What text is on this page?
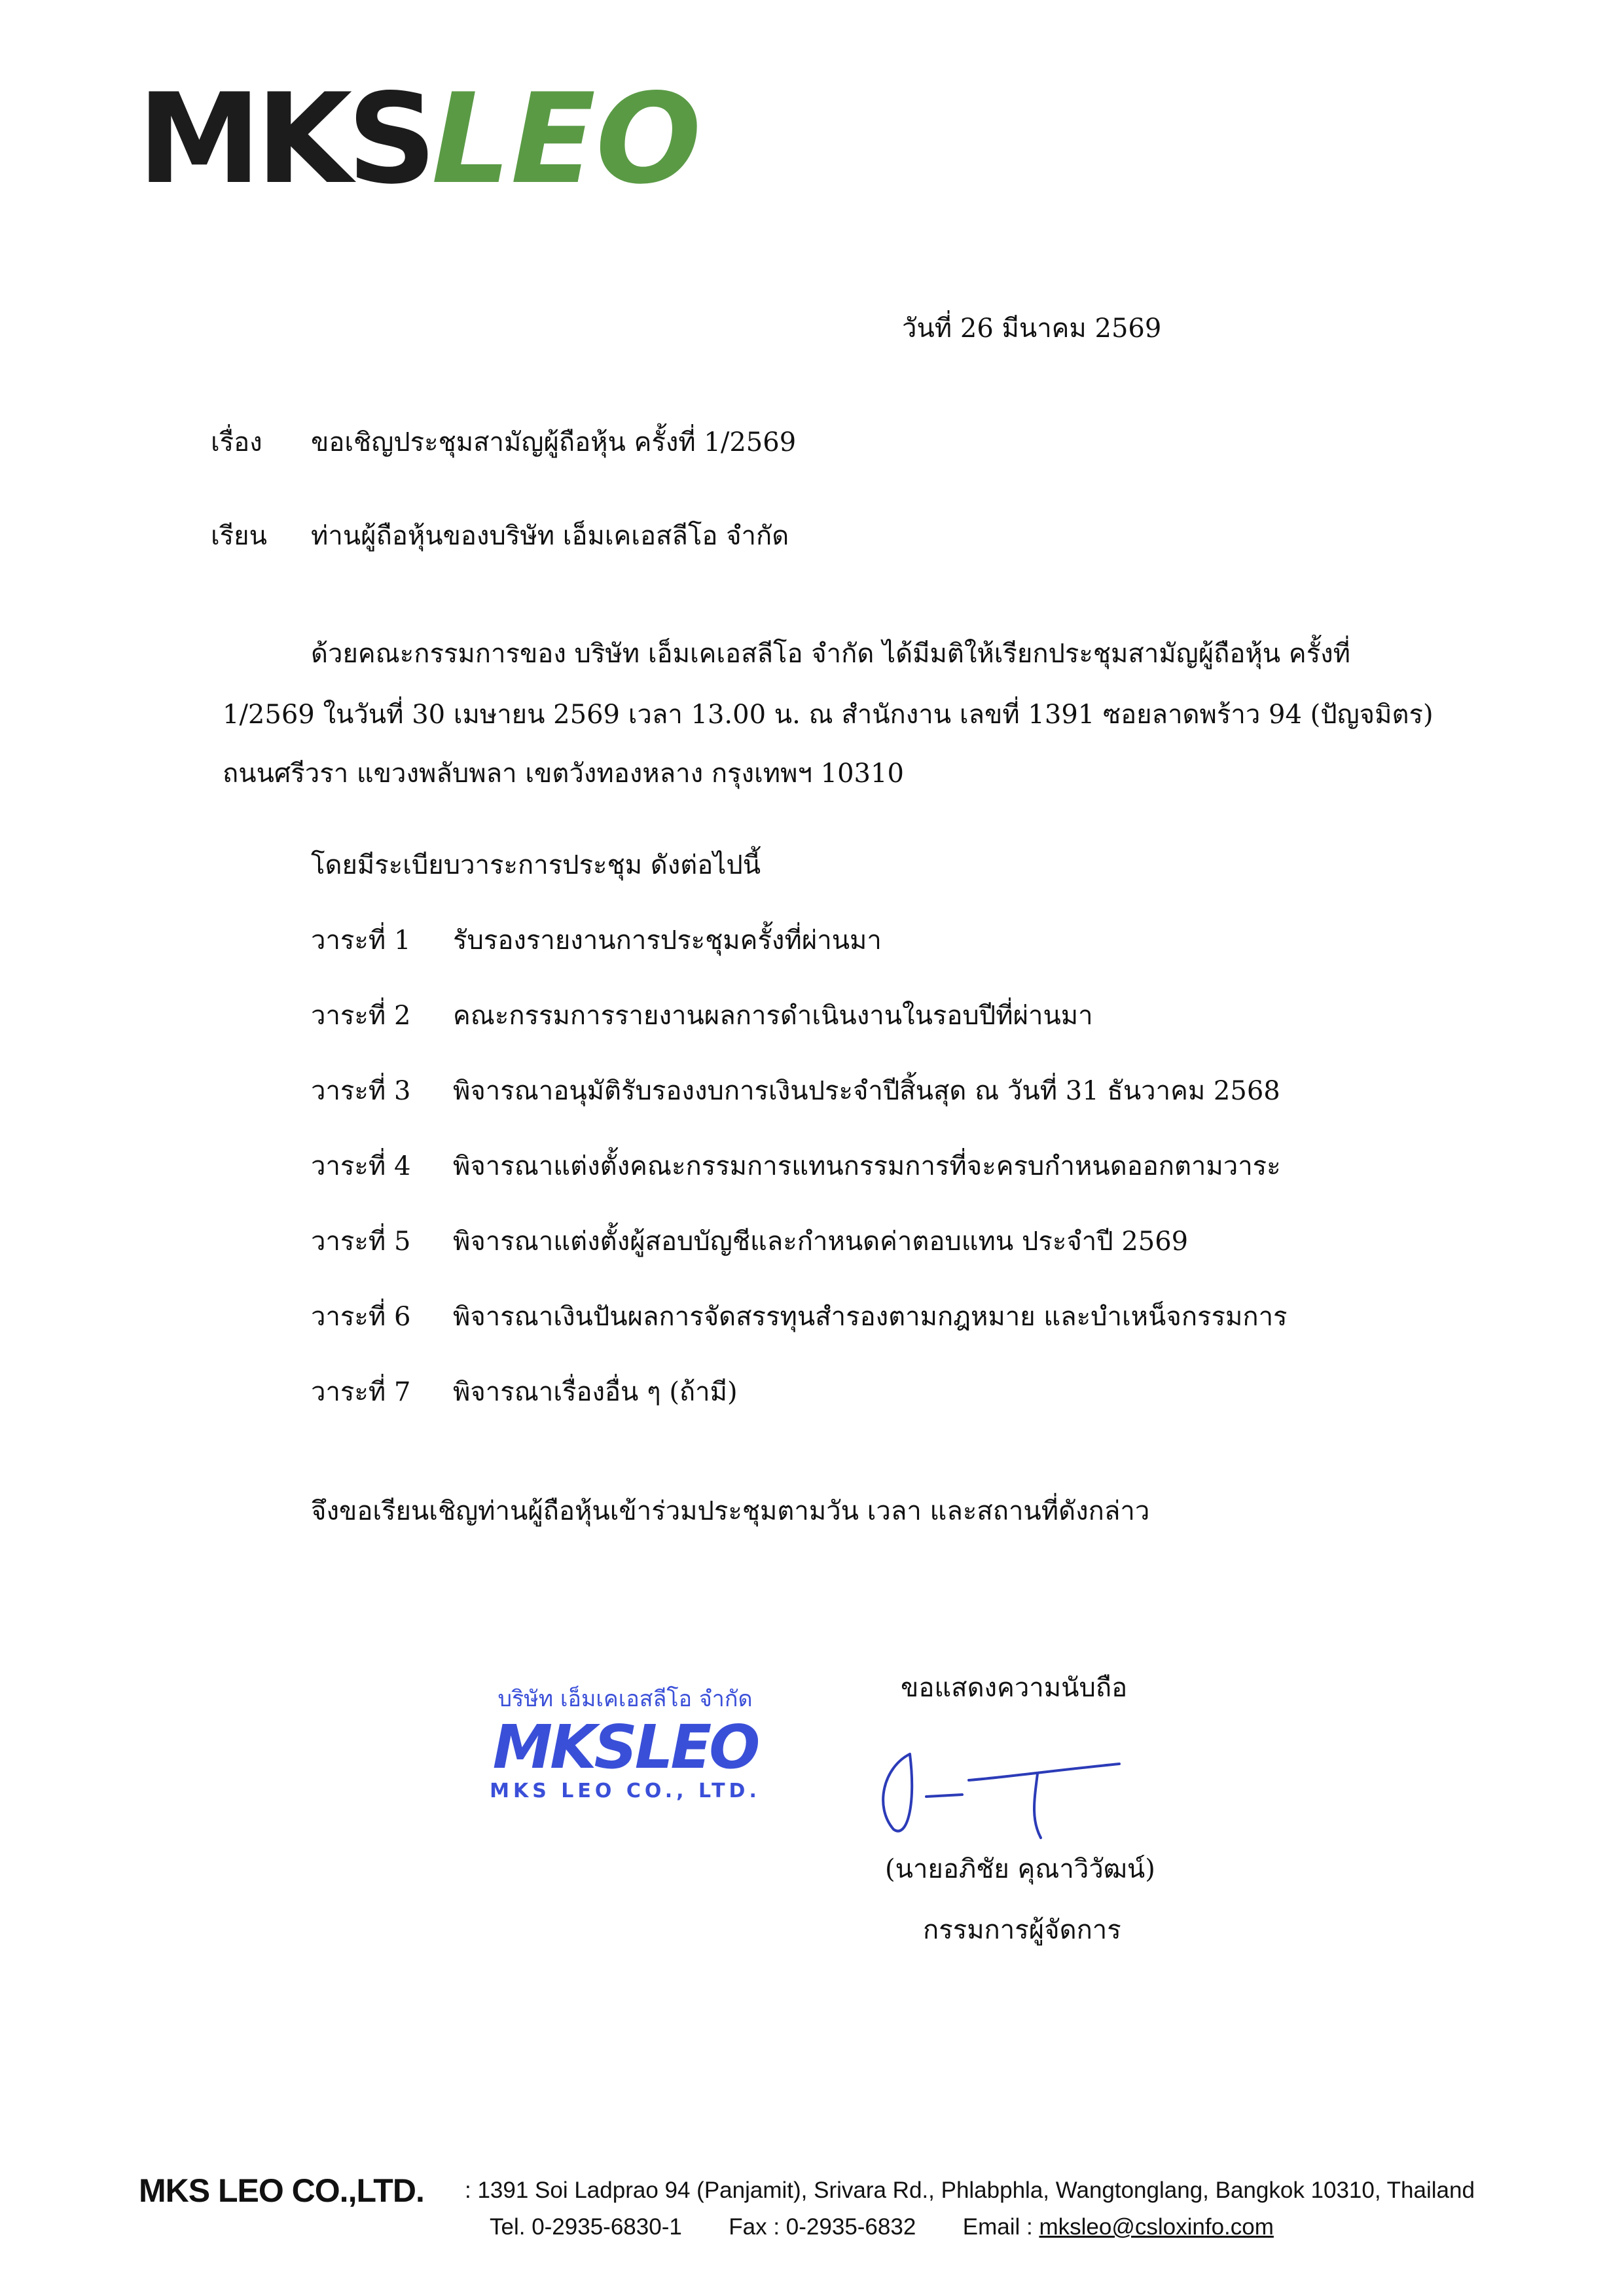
MKSLEO
วันที่ 26 มีนาคม 2569
เรื่อง ขอเชิญประชุมสามัญผู้ถือหุ้น ครั้งที่ 1/2569
เรียน ท่านผู้ถือหุ้นของบริษัท เอ็มเคเอสลีโอ จำกัด
ด้วยคณะกรรมการของ บริษัท เอ็มเคเอสลีโอ จำกัด ได้มีมติให้เรียกประชุมสามัญผู้ถือหุ้น ครั้งที่
1/2569 ในวันที่ 30 เมษายน 2569 เวลา 13.00 น. ณ สำนักงาน เลขที่ 1391 ซอยลาดพร้าว 94 (ปัญจมิตร)
ถนนศรีวรา แขวงพลับพลา เขตวังทองหลาง กรุงเทพฯ 10310
โดยมีระเบียบวาระการประชุม ดังต่อไปนี้
วาระที่ 1 รับรองรายงานการประชุมครั้งที่ผ่านมา
วาระที่ 2 คณะกรรมการรายงานผลการดำเนินงานในรอบปีที่ผ่านมา
วาระที่ 3 พิจารณาอนุมัติรับรองงบการเงินประจำปีสิ้นสุด ณ วันที่ 31 ธันวาคม 2568
วาระที่ 4 พิจารณาแต่งตั้งคณะกรรมการแทนกรรมการที่จะครบกำหนดออกตามวาระ
วาระที่ 5 พิจารณาแต่งตั้งผู้สอบบัญชีและกำหนดค่าตอบแทน ประจำปี 2569
วาระที่ 6 พิจารณาเงินปันผลการจัดสรรทุนสำรองตามกฎหมาย และบำเหน็จกรรมการ
วาระที่ 7 พิจารณาเรื่องอื่น ๆ (ถ้ามี)
จึงขอเรียนเชิญท่านผู้ถือหุ้นเข้าร่วมประชุมตามวัน เวลา และสถานที่ดังกล่าว
บริษัท เอ็มเคเอสลีโอ จำกัด
MKSLEO
MKS LEO CO., LTD.
ขอแสดงความนับถือ
(นายอภิชัย คุณาวิวัฒน์)
กรรมการผู้จัดการ
MKS LEO CO.,LTD. : 1391 Soi Ladprao 94 (Panjamit), Srivara Rd., Phlabphla, Wangtonglang, Bangkok 10310, Thailand
Tel. 0-2935-6830-1 Fax : 0-2935-6832 Email : mksleo@csloxinfo.com
